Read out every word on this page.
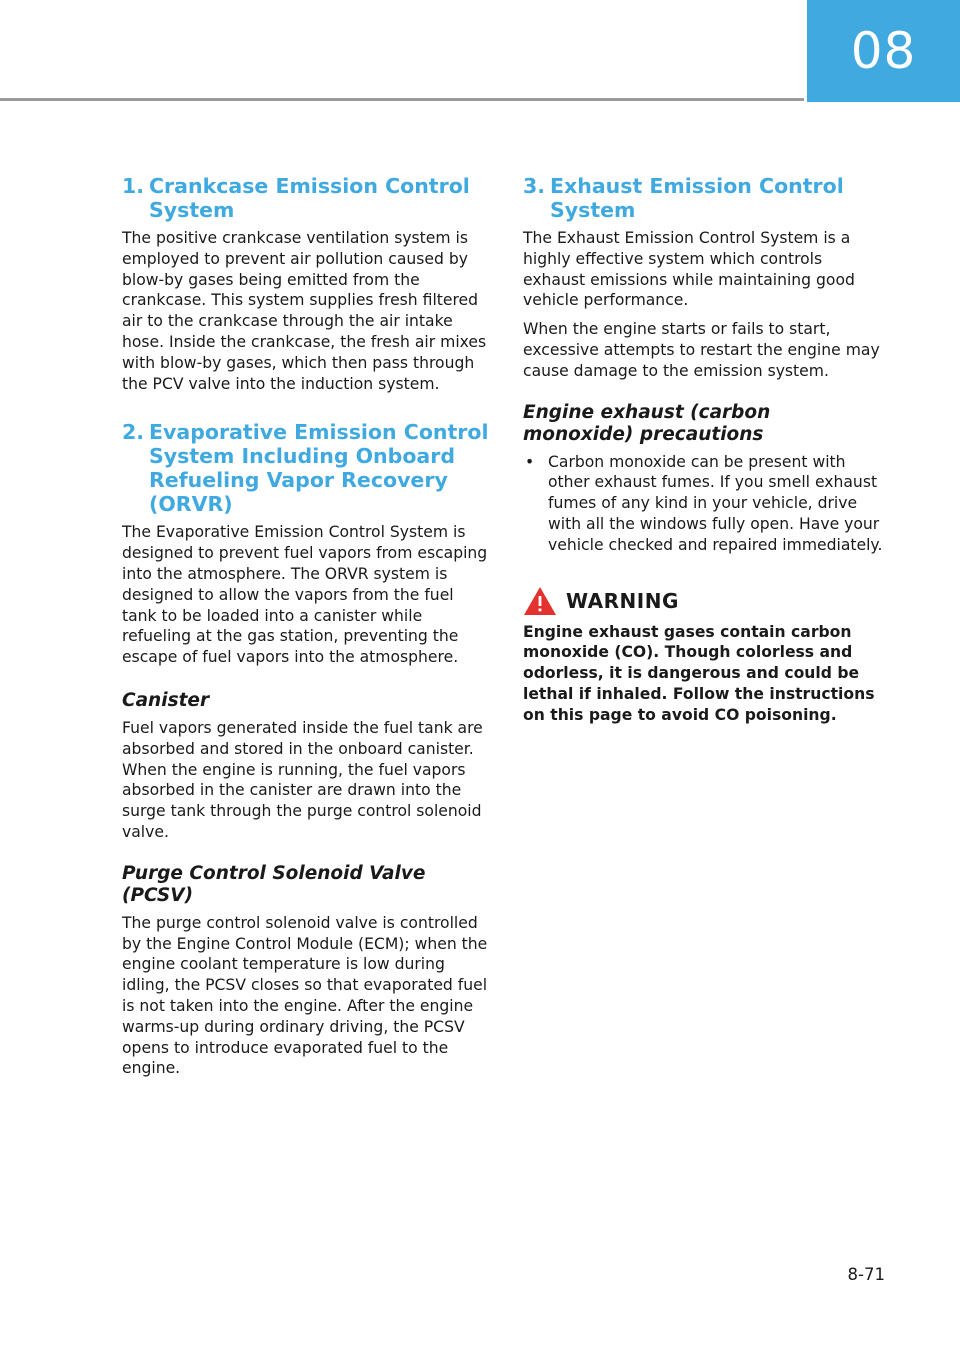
08
1. Crankcase Emission Control System

The positive crankcase ventilation system is employed to prevent air pollution caused by blow-by gases being emitted from the crankcase. This system supplies fresh filtered air to the crankcase through the air intake hose. Inside the crankcase, the fresh air mixes with blow-by gases, which then pass through the PCV valve into the induction system.

2. Evaporative Emission Control System Including Onboard Refueling Vapor Recovery (ORVR)

The Evaporative Emission Control System is designed to prevent fuel vapors from escaping into the atmosphere. The ORVR system is designed to allow the vapors from the fuel tank to be loaded into a canister while refueling at the gas station, preventing the escape of fuel vapors into the atmosphere.

Canister

Fuel vapors generated inside the fuel tank are absorbed and stored in the onboard canister. When the engine is running, the fuel vapors absorbed in the canister are drawn into the surge tank through the purge control solenoid valve.

Purge Control Solenoid Valve (PCSV)

The purge control solenoid valve is controlled by the Engine Control Module (ECM); when the engine coolant temperature is low during idling, the PCSV closes so that evaporated fuel is not taken into the engine. After the engine warms-up during ordinary driving, the PCSV opens to introduce evaporated fuel to the engine.

3. Exhaust Emission Control System

The Exhaust Emission Control System is a highly effective system which controls exhaust emissions while maintaining good vehicle performance.

When the engine starts or fails to start, excessive attempts to restart the engine may cause damage to the emission system.

Engine exhaust (carbon monoxide) precautions
• Carbon monoxide can be present with other exhaust fumes. If you smell exhaust fumes of any kind in your vehicle, drive with all the windows fully open. Have your vehicle checked and repaired immediately.
WARNING

Engine exhaust gases contain carbon monoxide (CO). Though colorless and odorless, it is dangerous and could be lethal if inhaled. Follow the instructions on this page to avoid CO poisoning.

8-71
